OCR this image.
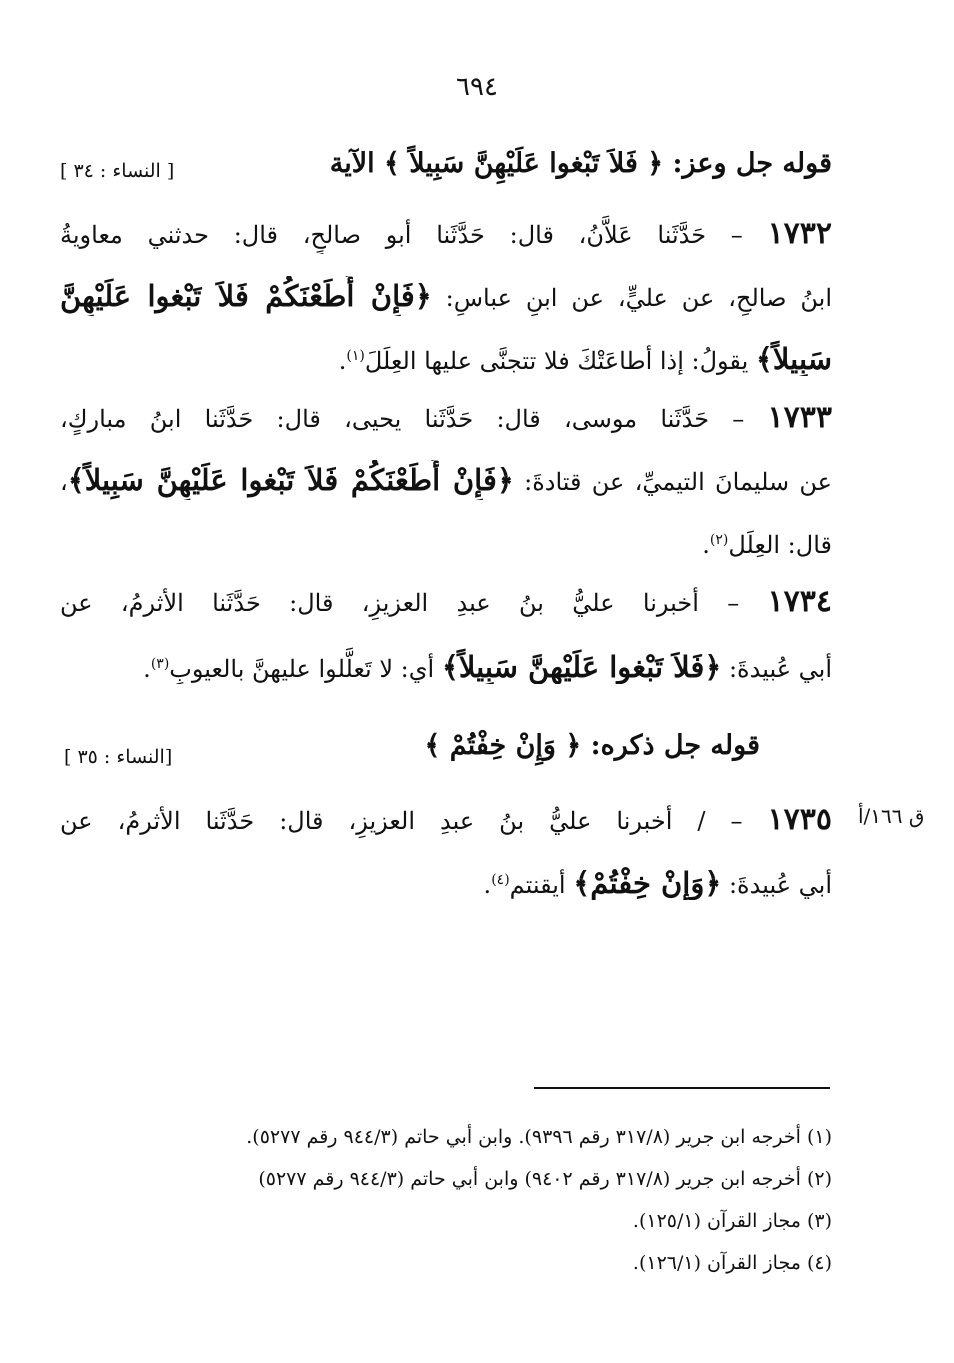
٦٩٤
قوله جل وعز: ﴿ فَلاَ تَبْغوا عَلَيْهِنَّ سَبِيلاً ﴾ الآية
[ النساء : ٣٤ ]
١٧٣٢ – حَدَّثَنا عَلاَّنُ، قال: حَدَّثَنا أبو صالحٍ، قال: حدثني معاويةُ
ابنُ صالحٍ، عن عليٍّ، عن ابنِ عباسٍ: ﴿فَإِنْ أَطَعْنَكُمْ فَلاَ تَبْغوا عَلَيْهِنَّ
سَبِيلاً﴾ يقولُ: إذا أطاعَتْكَ فلا تتجنَّى عليها العِلَلَ$^{(١)}$.
١٧٣٣ – حَدَّثَنا موسى، قال: حَدَّثَنا يحيى، قال: حَدَّثَنا ابنُ مباركٍ،
عن سليمانَ التيميِّ، عن قتادةَ: ﴿فَإِنْ أَطَعْنَكُمْ فَلاَ تَبْغوا عَلَيْهِنَّ سَبِيلاً﴾،
قال: العِلَل$^{(٢)}$.
١٧٣٤ – أخبرنا عليُّ بنُ عبدِ العزيزِ، قال: حَدَّثَنا الأثرمُ، عن
أبي عُبيدةَ: ﴿فَلاَ تَبْغوا عَلَيْهِنَّ سَبِيلاً﴾ أي: لا تَعلَّلوا عليهنَّ بالعيوبِ$^{(٣)}$.
قوله جل ذكره: ﴿ وَإِنْ خِفْتُمْ ﴾
[النساء : ٣٥ ]
ق ١٦٦/أ
١٧٣٥ – / أخبرنا عليُّ بنُ عبدِ العزيزِ، قال: حَدَّثَنا الأثرمُ، عن
أبي عُبيدةَ: ﴿وَإِنْ خِفْتُمْ﴾ أيقنتم$^{(٤)}$.
(١) أخرجه ابن جرير (٣١٧/٨ رقم ٩٣٩٦). وابن أبي حاتم (٩٤٤/٣ رقم ٥٢٧٧).
(٢) أخرجه ابن جرير (٣١٧/٨ رقم ٩٤٠٢) وابن أبي حاتم (٩٤٤/٣ رقم ٥٢٧٧)
(٣) مجاز القرآن (١٢٥/١).
(٤) مجاز القرآن (١٢٦/١).
